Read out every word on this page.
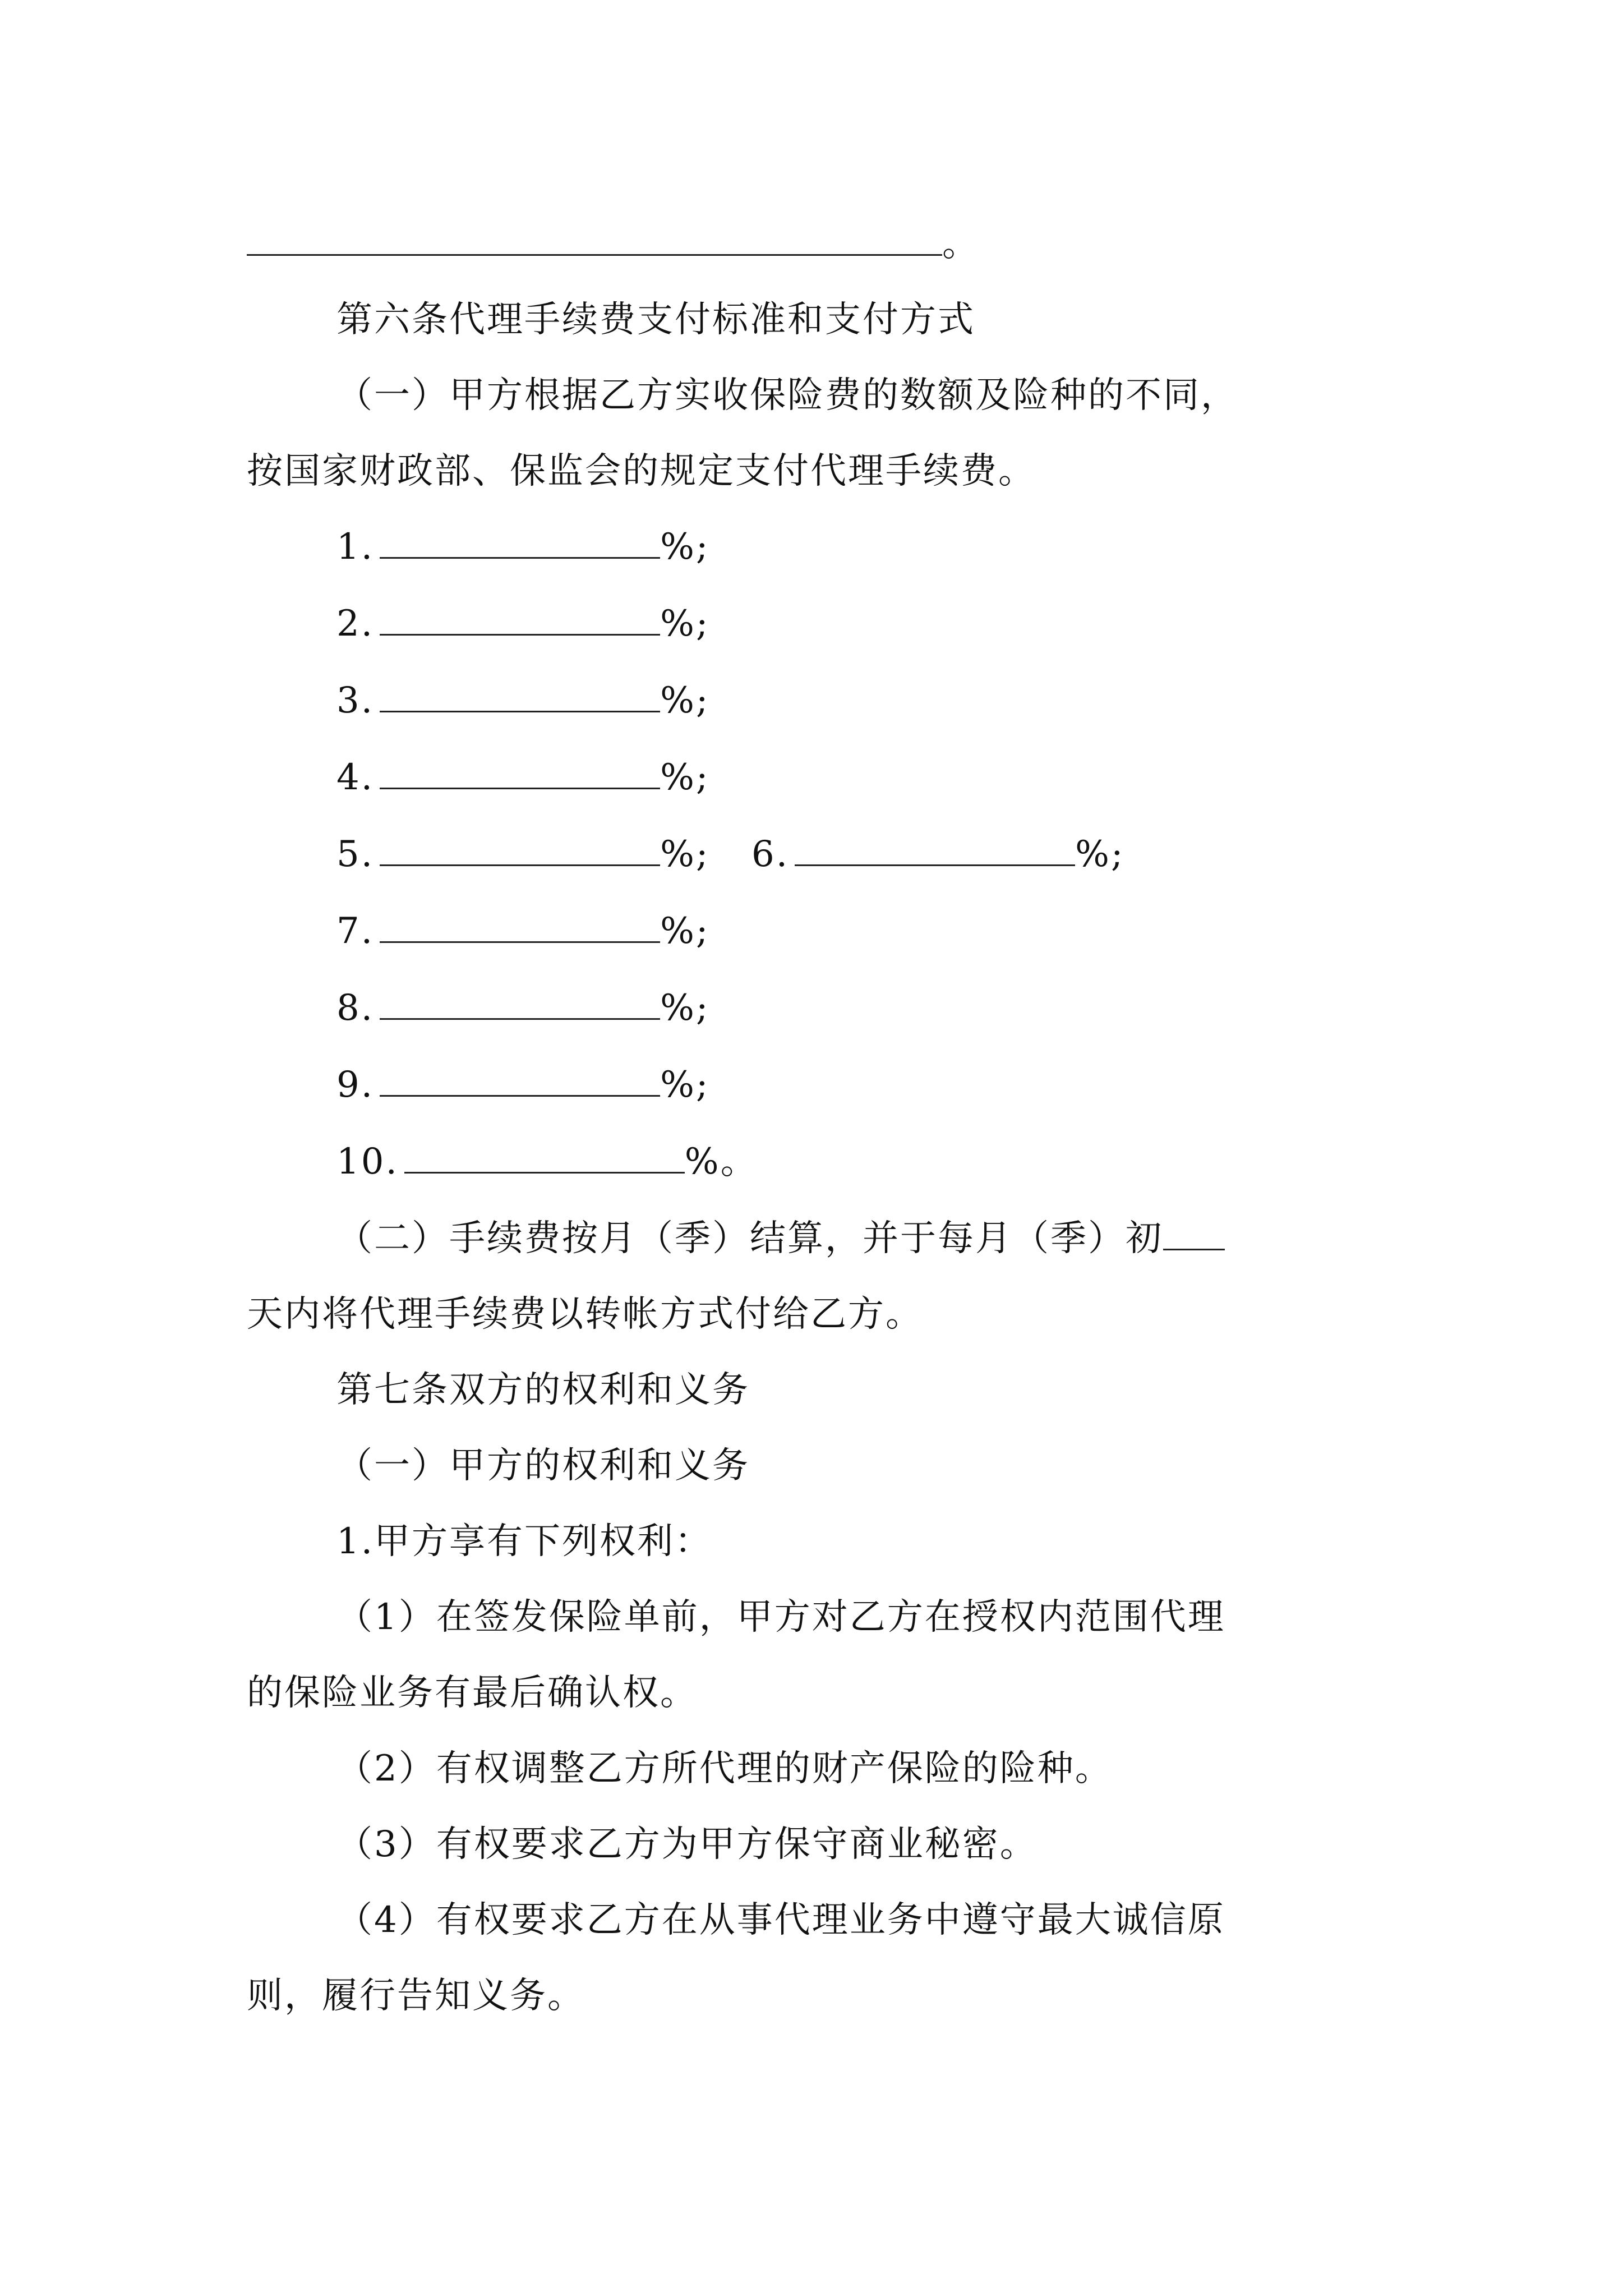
。
第六条代理手续费支付标准和支付方式
（一）甲方根据乙方实收保险费的数额及险种的不同，
按国家财政部、保监会的规定支付代理手续费。
1.	%;
2.	%;
3.	%;
4.	%;
5.	%; 6.	%;
7.	%;
8.	%;
9.	%;
10.	%。
（二）手续费按月（季）结算，并于每月（季）初
天内将代理手续费以转帐方式付给乙方。
第七条双方的权利和义务
（一）甲方的权利和义务
1.甲方享有下列权利：
（1）在签发保险单前，甲方对乙方在授权内范围代理
的保险业务有最后确认权。
（2）有权调整乙方所代理的财产保险的险种。
（3）有权要求乙方为甲方保守商业秘密。
（4）有权要求乙方在从事代理业务中遵守最大诚信原
则，履行告知义务。
